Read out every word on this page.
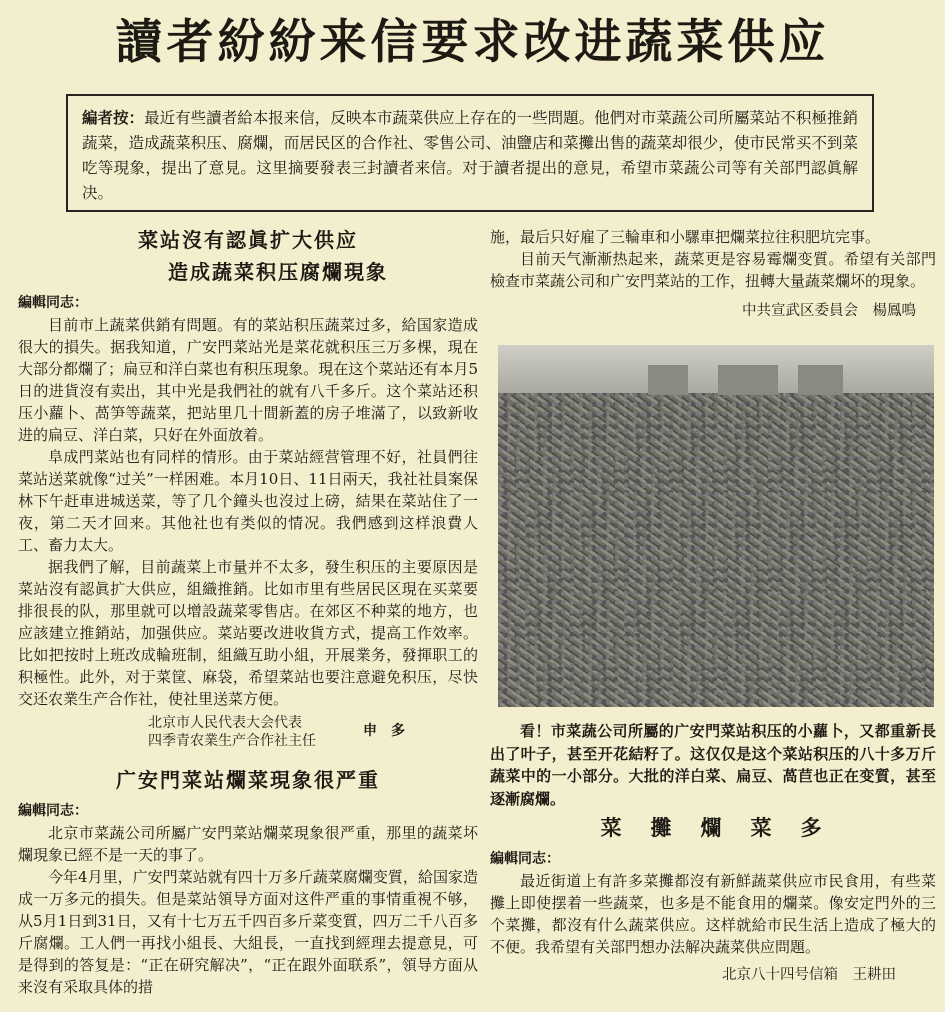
讀者紛紛来信要求改进蔬菜供应
編者按：最近有些讀者給本报来信，反映本市蔬菜供应上存在的一些問題。他們对市菜蔬公司所屬菜站不积極推銷蔬菜，造成蔬菜积压、腐爛，而居民区的合作社、零售公司、油鹽店和菜攤出售的蔬菜却很少，使市民常买不到菜吃等現象，提出了意見。这里摘要發表三封讀者来信。对于讀者提出的意見，希望市菜蔬公司等有关部門認眞解决。
菜站沒有認眞扩大供应
造成蔬菜积压腐爛現象
編輯同志：

目前市上蔬菜供銷有問題。有的菜站积压蔬菜过多，給国家造成很大的損失。据我知道，广安門菜站光是菜花就积压三万多棵，現在大部分都爛了；扁豆和洋白菜也有积压現象。現在这个菜站还有本月5日的进貨沒有卖出，其中光是我們社的就有八千多斤。这个菜站还积压小蘿卜、萵笋等蔬菜，把站里几十間新蓋的房子堆滿了，以致新收进的扁豆、洋白菜，只好在外面放着。

阜成門菜站也有同样的情形。由于菜站經营管理不好，社員們往菜站送菜就像“过关”一样困难。本月10日、11日兩天，我社社員案保林下午赶車进城送菜，等了几个鐘头也沒过上磅，結果在菜站住了一夜，第二天才回来。其他社也有类似的情况。我們感到这样浪費人工、畜力太大。

据我們了解，目前蔬菜上市量并不太多，發生积压的主要原因是菜站沒有認眞扩大供应，組織推銷。比如市里有些居民区現在买菜要排很長的队，那里就可以增設蔬菜零售店。在郊区不种菜的地方，也应該建立推銷站，加强供应。菜站要改进收貨方式，提高工作效率。比如把按时上班改成輪班制，組織互助小組，开展業务，發揮职工的积極性。此外，对于菜筐、麻袋，希望菜站也要注意避免积压，尽快交还农業生产合作社，使社里送菜方便。

北京市人民代表大会代表
四季青农業生产合作社主任
申　多
广安門菜站爛菜現象很严重
編輯同志：

北京市菜蔬公司所屬广安門菜站爛菜現象很严重，那里的蔬菜坏爛現象已經不是一天的事了。

今年4月里，广安門菜站就有四十万多斤蔬菜腐爛变質，給国家造成一万多元的損失。但是菜站領导方面对这件严重的事情重視不够，从5月1日到31日，又有十七万五千四百多斤菜变質，四万二千八百多斤腐爛。工人們一再找小組長、大組長，一直找到經理去提意見，可是得到的答复是：“正在研究解决”，“正在跟外面联系”，領导方面从来沒有采取具体的措

施，最后只好雇了三輪車和小騾車把爛菜拉往积肥坑完事。

目前天气漸漸热起来，蔬菜更是容易霉爛变質。希望有关部門檢查市菜蔬公司和广安門菜站的工作，扭轉大量蔬菜爛坏的現象。

中共宣武区委員会　楊鳳鳴
看！市菜蔬公司所屬的广安門菜站积压的小蘿卜，又都重新長出了叶子，甚至开花結籽了。这仅仅是这个菜站积压的八十多万斤蔬菜中的一小部分。大批的洋白菜、扁豆、萵苣也正在变質，甚至逐漸腐爛。
菜　攤　爛　菜　多
編輯同志：

最近街道上有許多菜攤都沒有新鮮蔬菜供应市民食用，有些菜攤上即使摆着一些蔬菜，也多是不能食用的爛菜。像安定門外的三个菜攤，都沒有什么蔬菜供应。这样就給市民生活上造成了極大的不便。我希望有关部門想办法解决蔬菜供应問題。

北京八十四号信箱　王耕田
